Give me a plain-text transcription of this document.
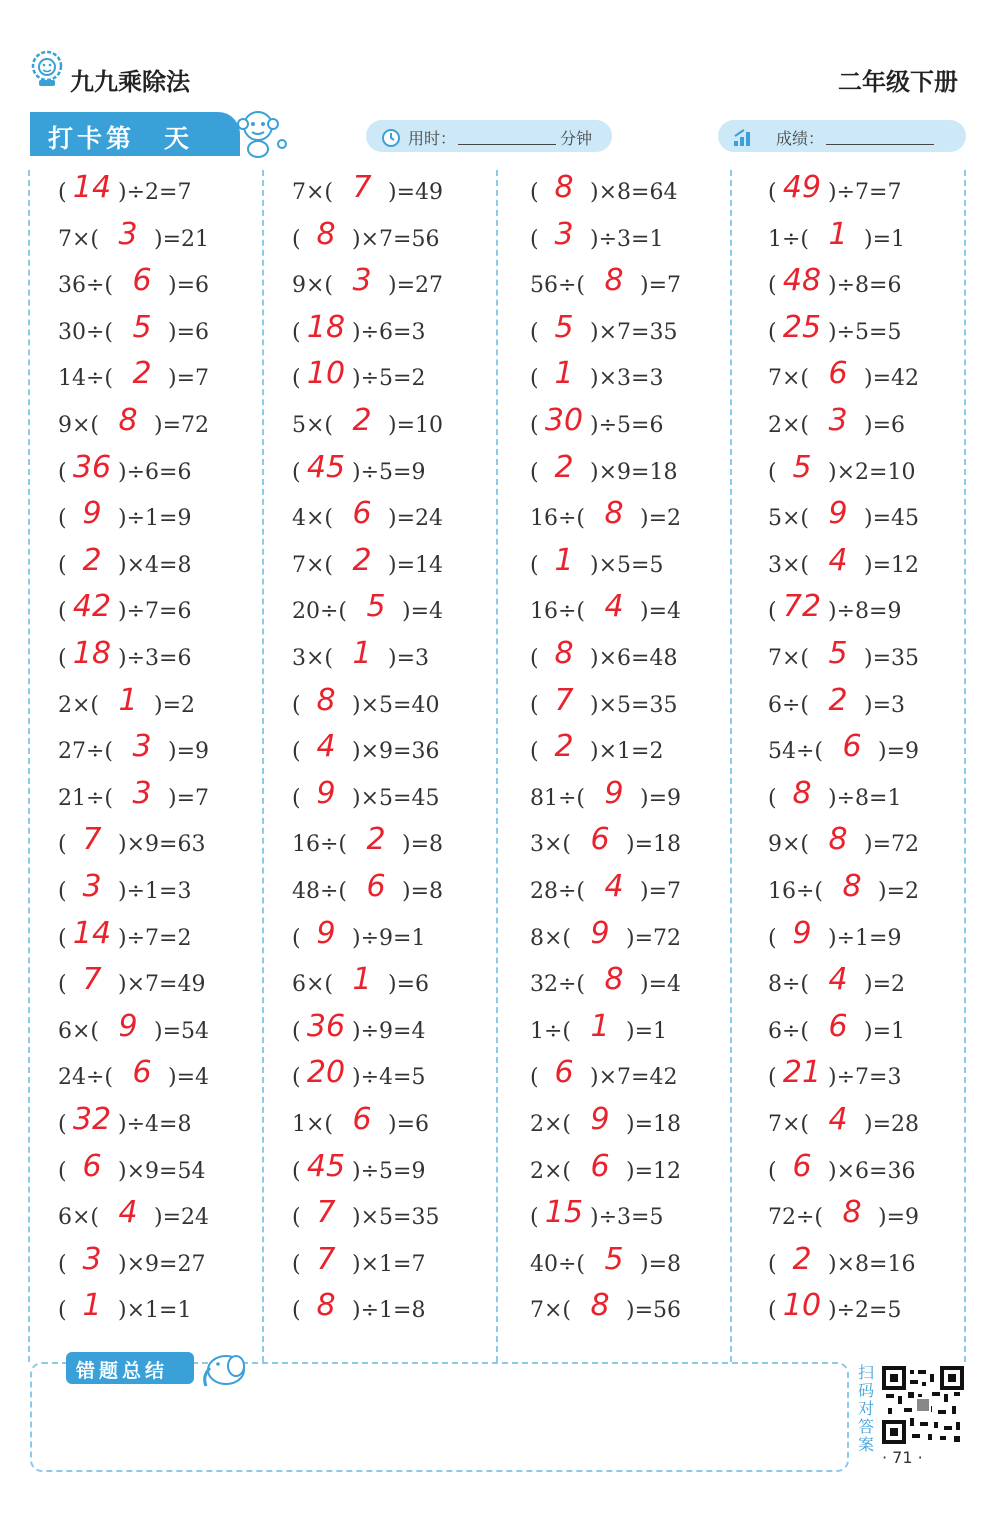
九九乘除法	二年级下册
打卡第　天	用时：	分钟	成绩：
( 14 )÷2=7
7×( 3 )=21
36÷( 6 )=6
30÷( 5 )=6
14÷( 2 )=7
9×( 8 )=72
( 36 )÷6=6
( 9 )÷1=9
( 2 )×4=8
( 42 )÷7=6
( 18 )÷3=6
2×( 1 )=2
27÷( 3 )=9
21÷( 3 )=7
( 7 )×9=63
( 3 )÷1=3
( 14 )÷7=2
( 7 )×7=49
6×( 9 )=54
24÷( 6 )=4
( 32 )÷4=8
( 6 )×9=54
6×( 4 )=24
( 3 )×9=27
( 1 )×1=1
7×( 7 )=49
( 8 )×7=56
9×( 3 )=27
( 18 )÷6=3
( 10 )÷5=2
5×( 2 )=10
( 45 )÷5=9
4×( 6 )=24
7×( 2 )=14
20÷( 5 )=4
3×( 1 )=3
( 8 )×5=40
( 4 )×9=36
( 9 )×5=45
16÷( 2 )=8
48÷( 6 )=8
( 9 )÷9=1
6×( 1 )=6
( 36 )÷9=4
( 20 )÷4=5
1×( 6 )=6
( 45 )÷5=9
( 7 )×5=35
( 7 )×1=7
( 8 )÷1=8
( 8 )×8=64
( 3 )÷3=1
56÷( 8 )=7
( 5 )×7=35
( 1 )×3=3
( 30 )÷5=6
( 2 )×9=18
16÷( 8 )=2
( 1 )×5=5
16÷( 4 )=4
( 8 )×6=48
( 7 )×5=35
( 2 )×1=2
81÷( 9 )=9
3×( 6 )=18
28÷( 4 )=7
8×( 9 )=72
32÷( 8 )=4
1÷( 1 )=1
( 6 )×7=42
2×( 9 )=18
2×( 6 )=12
( 15 )÷3=5
40÷( 5 )=8
7×( 8 )=56
( 49 )÷7=7
1÷( 1 )=1
( 48 )÷8=6
( 25 )÷5=5
7×( 6 )=42
2×( 3 )=6
( 5 )×2=10
5×( 9 )=45
3×( 4 )=12
( 72 )÷8=9
7×( 5 )=35
6÷( 2 )=3
54÷( 6 )=9
( 8 )÷8=1
9×( 8 )=72
16÷( 8 )=2
( 9 )÷1=9
8÷( 4 )=2
6÷( 6 )=1
( 21 )÷7=3
7×( 4 )=28
( 6 )×6=36
72÷( 8 )=9
( 2 )×8=16
( 10 )÷2=5
错题总结	扫码对答案
· 71 ·
